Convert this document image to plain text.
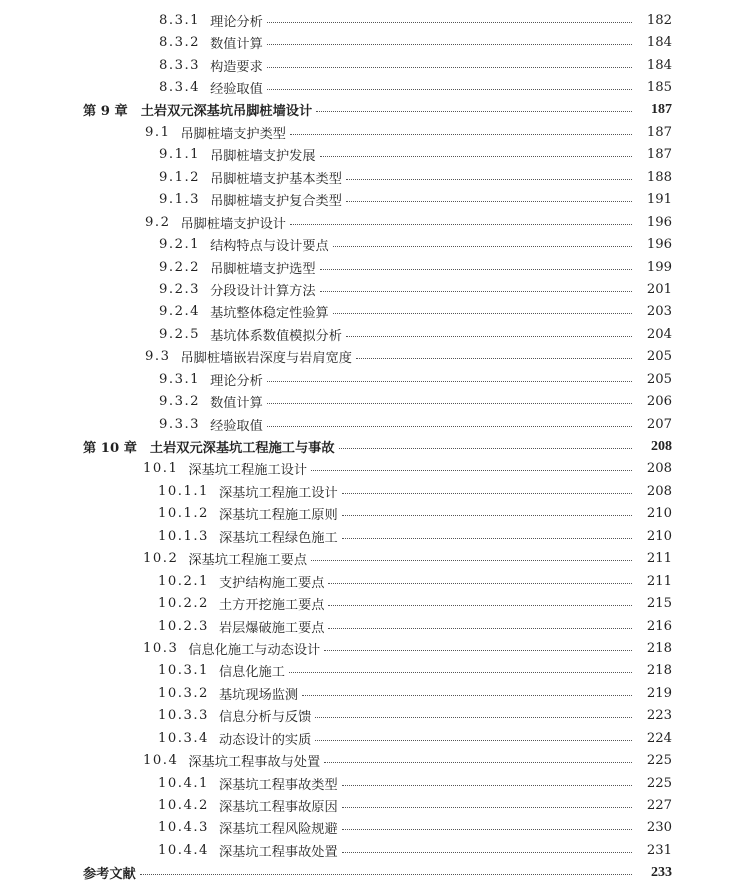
8.3.1 理论分析	182
8.3.2 数值计算	184
8.3.3 构造要求	184
8.3.4 经验取值	185
第 9 章 土岩双元深基坑吊脚桩墙设计	187
9.1 吊脚桩墙支护类型	187
9.1.1 吊脚桩墙支护发展	187
9.1.2 吊脚桩墙支护基本类型	188
9.1.3 吊脚桩墙支护复合类型	191
9.2 吊脚桩墙支护设计	196
9.2.1 结构特点与设计要点	196
9.2.2 吊脚桩墙支护选型	199
9.2.3 分段设计计算方法	201
9.2.4 基坑整体稳定性验算	203
9.2.5 基坑体系数值模拟分析	204
9.3 吊脚桩墙嵌岩深度与岩肩宽度	205
9.3.1 理论分析	205
9.3.2 数值计算	206
9.3.3 经验取值	207
第 10 章 土岩双元深基坑工程施工与事故	208
10.1 深基坑工程施工设计	208
10.1.1 深基坑工程施工设计	208
10.1.2 深基坑工程施工原则	210
10.1.3 深基坑工程绿色施工	210
10.2 深基坑工程施工要点	211
10.2.1 支护结构施工要点	211
10.2.2 土方开挖施工要点	215
10.2.3 岩层爆破施工要点	216
10.3 信息化施工与动态设计	218
10.3.1 信息化施工	218
10.3.2 基坑现场监测	219
10.3.3 信息分析与反馈	223
10.3.4 动态设计的实质	224
10.4 深基坑工程事故与处置	225
10.4.1 深基坑工程事故类型	225
10.4.2 深基坑工程事故原因	227
10.4.3 深基坑工程风险规避	230
10.4.4 深基坑工程事故处置	231
参考文献	233
